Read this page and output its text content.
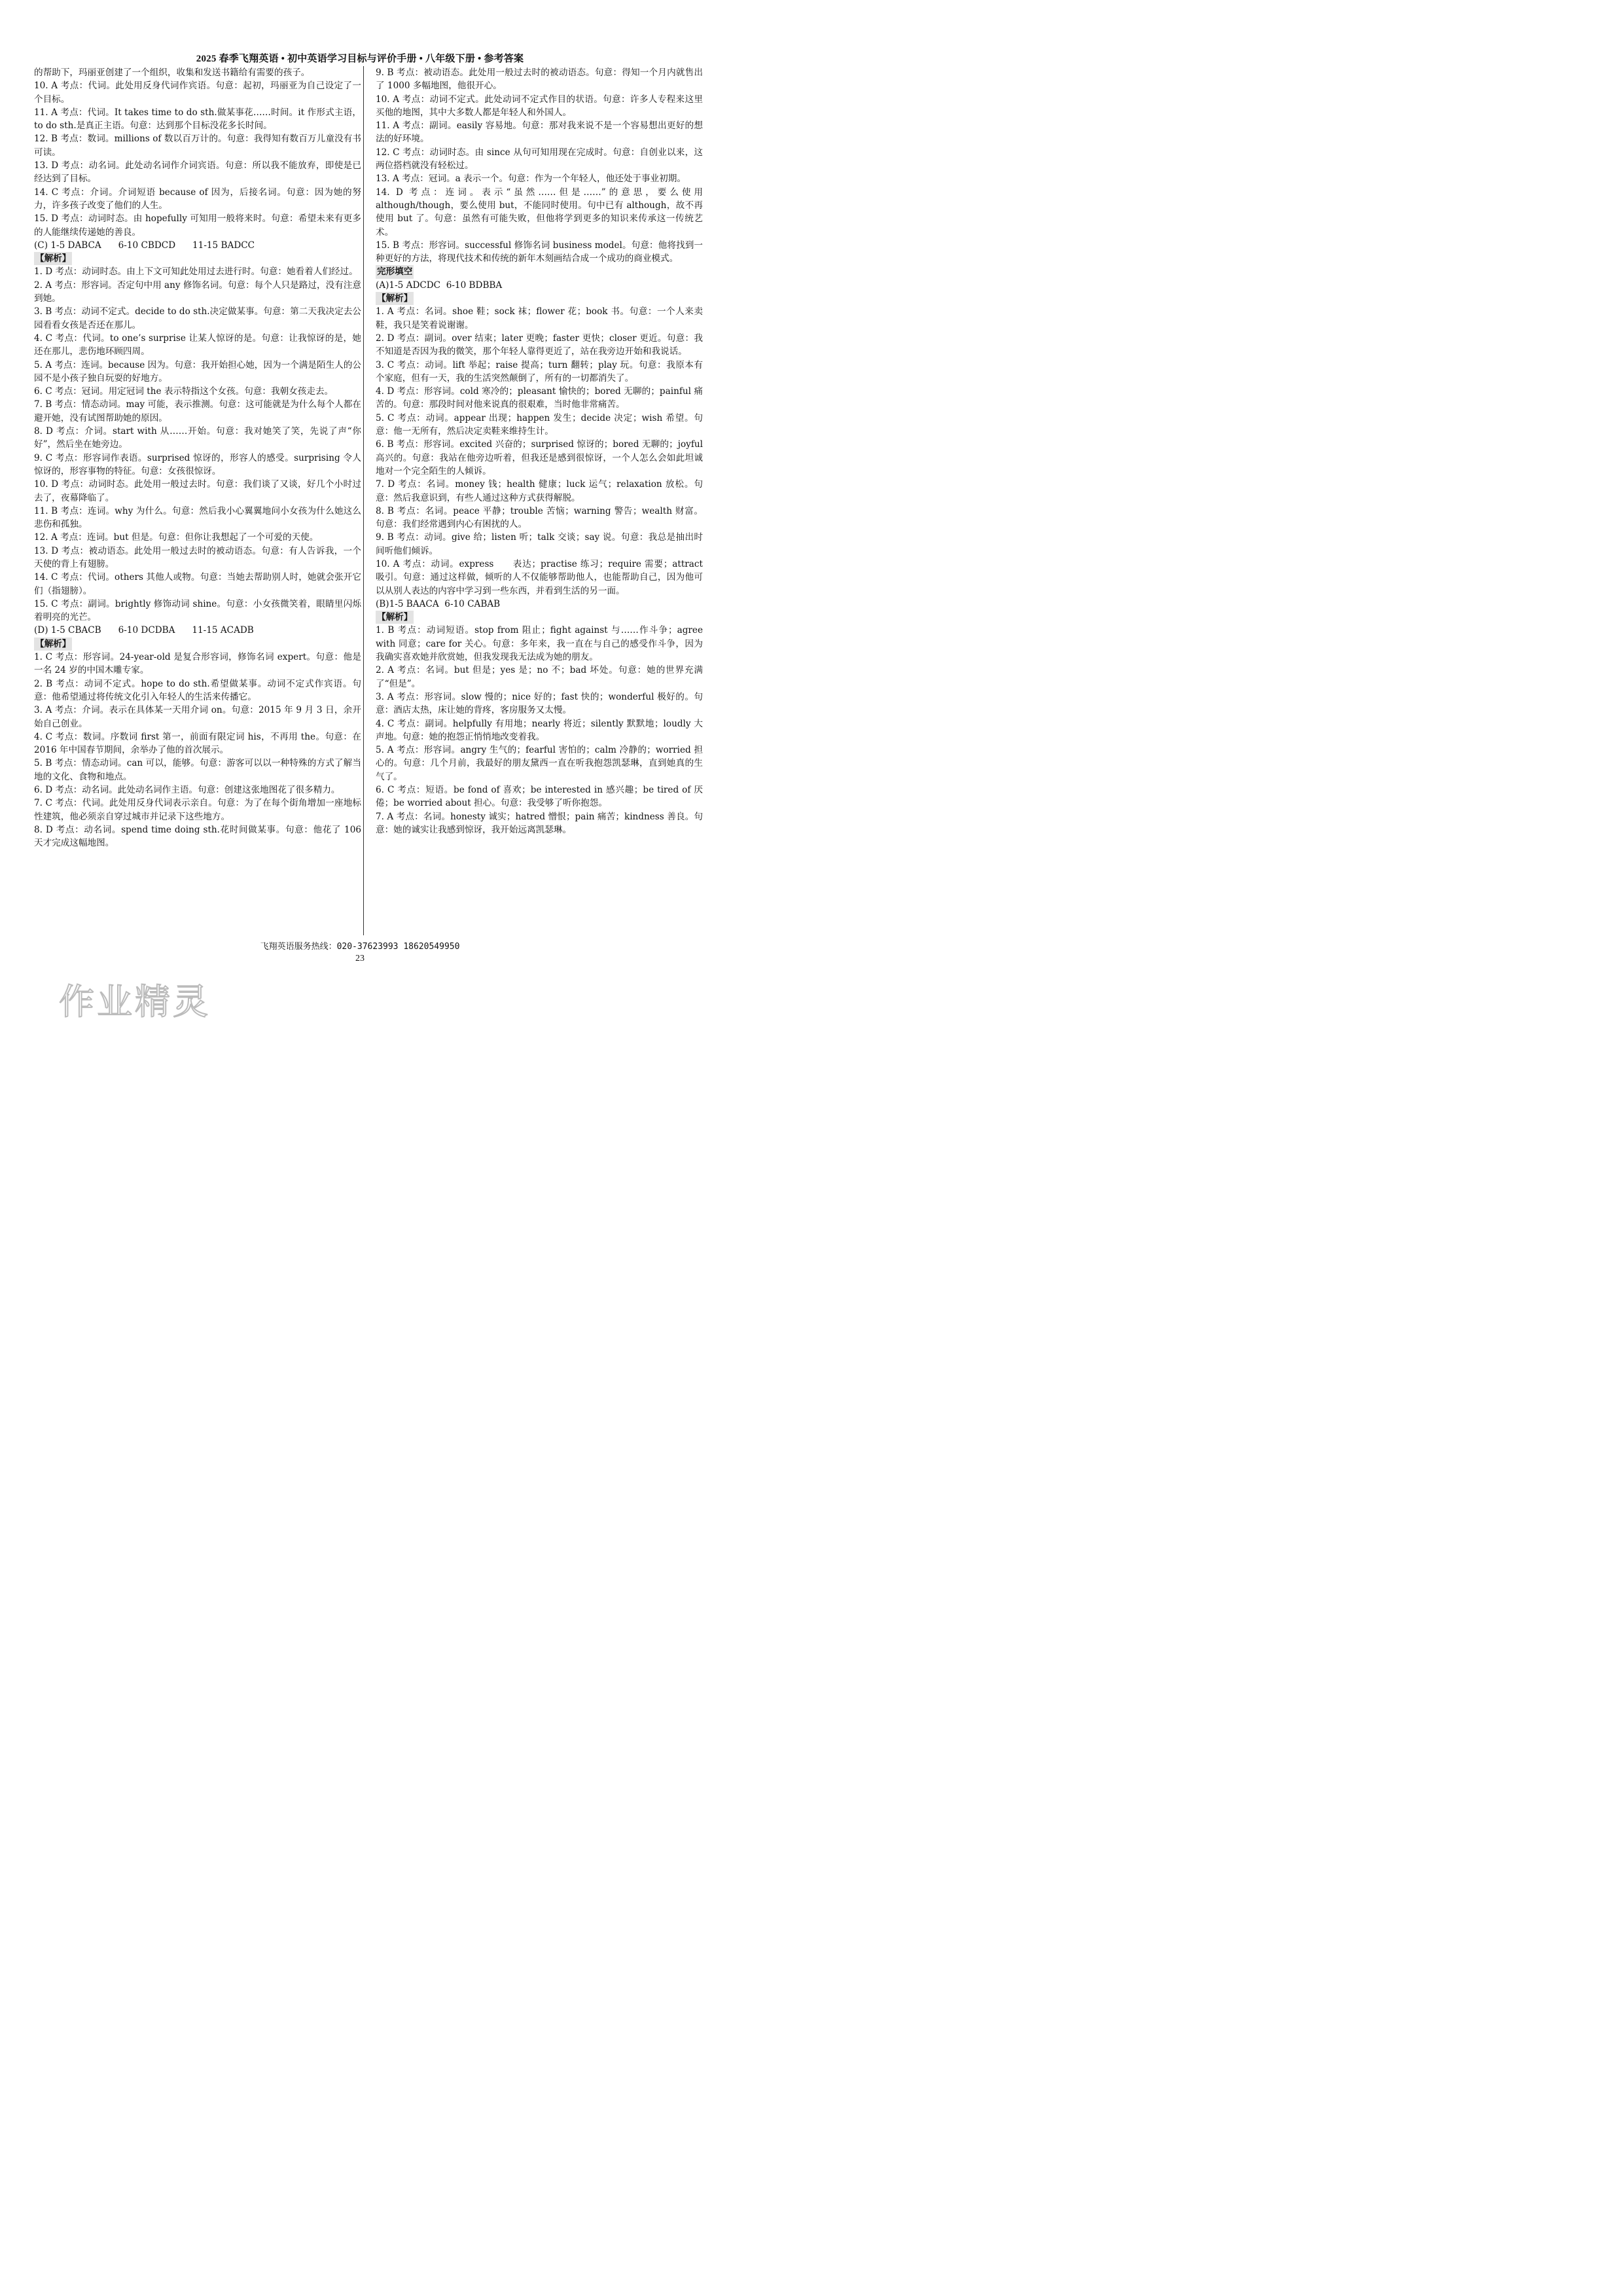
2025 春季飞翔英语 • 初中英语学习目标与评价手册 • 八年级下册 • 参考答案
的帮助下，玛丽亚创建了一个组织，收集和发送书籍给有需要的孩子。
10. A 考点：代词。此处用反身代词作宾语。句意：起初，玛丽亚为自己设定了一个目标。
11. A 考点：代词。It takes time to do sth.做某事花……时间。it 作形式主语，to do sth.是真正主语。句意：达到那个目标没花多长时间。
12. B 考点：数词。millions of 数以百万计的。句意：我得知有数百万儿童没有书可读。
13. D 考点：动名词。此处动名词作介词宾语。句意：所以我不能放弃，即使是已经达到了目标。
14. C 考点：介词。介词短语 because of 因为，后接名词。句意：因为她的努力，许多孩子改变了他们的人生。
15. D 考点：动词时态。由 hopefully 可知用一般将来时。句意：希望未来有更多的人能继续传递她的善良。
(C) 1-5 DABCA      6-10 CBDCD      11-15 BADCC
【解析】
1. D 考点：动词时态。由上下文可知此处用过去进行时。句意：她看着人们经过。
2. A 考点：形容词。否定句中用 any 修饰名词。句意：每个人只是路过，没有注意到她。
3. B 考点：动词不定式。decide to do sth.决定做某事。句意：第二天我决定去公园看看女孩是否还在那儿。
4. C 考点：代词。to one’s surprise 让某人惊讶的是。句意：让我惊讶的是，她还在那儿，悲伤地环顾四周。
5. A 考点：连词。because 因为。句意：我开始担心她，因为一个满是陌生人的公园不是小孩子独自玩耍的好地方。
6. C 考点：冠词。用定冠词 the 表示特指这个女孩。句意：我朝女孩走去。
7. B 考点：情态动词。may 可能，表示推测。句意：这可能就是为什么每个人都在避开她，没有试图帮助她的原因。
8. D 考点：介词。start with 从……开始。句意：我对她笑了笑，先说了声“你好”，然后坐在她旁边。
9. C 考点：形容词作表语。surprised 惊讶的，形容人的感受。surprising 令人惊讶的，形容事物的特征。句意：女孩很惊讶。
10. D 考点：动词时态。此处用一般过去时。句意：我们谈了又谈，好几个小时过去了，夜幕降临了。
11. B 考点：连词。why 为什么。句意：然后我小心翼翼地问小女孩为什么她这么悲伤和孤独。
12. A 考点：连词。but 但是。句意：但你让我想起了一个可爱的天使。
13. D 考点：被动语态。此处用一般过去时的被动语态。句意：有人告诉我，一个天使的背上有翅膀。
14. C 考点：代词。others 其他人或物。句意：当她去帮助别人时，她就会张开它们（指翅膀）。
15. C 考点：副词。brightly 修饰动词 shine。句意：小女孩微笑着，眼睛里闪烁着明亮的光芒。
(D) 1-5 CBACB      6-10 DCDBA      11-15 ACADB
【解析】
1. C 考点：形容词。24-year-old 是复合形容词，修饰名词 expert。句意：他是一名 24 岁的中国木雕专家。
2. B 考点：动词不定式。hope to do sth.希望做某事。动词不定式作宾语。句意：他希望通过将传统文化引入年轻人的生活来传播它。
3. A 考点：介词。表示在具体某一天用介词 on。句意：2015 年 9 月 3 日，余开始自己创业。
4. C 考点：数词。序数词 first 第一，前面有限定词 his，不再用 the。句意：在 2016 年中国春节期间，余举办了他的首次展示。
5. B 考点：情态动词。can 可以，能够。句意：游客可以以一种特殊的方式了解当地的文化、食物和地点。
6. D 考点：动名词。此处动名词作主语。句意：创建这张地图花了很多精力。
7. C 考点：代词。此处用反身代词表示亲自。句意：为了在每个街角增加一座地标性建筑，他必须亲自穿过城市并记录下这些地方。
8. D 考点：动名词。spend time doing sth.花时间做某事。句意：他花了 106 天才完成这幅地图。
9. B 考点：被动语态。此处用一般过去时的被动语态。句意：得知一个月内就售出了 1000 多幅地图，他很开心。
10. A 考点：动词不定式。此处动词不定式作目的状语。句意：许多人专程来这里买他的地图，其中大多数人都是年轻人和外国人。
11. A 考点：副词。easily 容易地。句意：那对我来说不是一个容易想出更好的想法的好环境。
12. C 考点：动词时态。由 since 从句可知用现在完成时。句意：自创业以来，这两位搭档就没有轻松过。
13. A 考点：冠词。a 表示一个。句意：作为一个年轻人，他还处于事业初期。
14. D 考点：连词。表示“虽然……但是……”的意思，要么使用 although/though，要么使用 but，不能同时使用。句中已有 although，故不再使用 but 了。句意：虽然有可能失败，但他将学到更多的知识来传承这一传统艺术。
15. B 考点：形容词。successful 修饰名词 business model。句意：他将找到一种更好的方法，将现代技术和传统的新年木刻画结合成一个成功的商业模式。
完形填空
(A)1-5 ADCDC  6-10 BDBBA
【解析】
1. A 考点：名词。shoe 鞋；sock 袜；flower 花；book 书。句意：一个人来卖鞋，我只是笑着说谢谢。
2. D 考点：副词。over 结束；later 更晚；faster 更快；closer 更近。句意：我不知道是否因为我的微笑，那个年轻人靠得更近了，站在我旁边开始和我说话。
3. C 考点：动词。lift 举起；raise 提高；turn 翻转；play 玩。句意：我原本有个家庭，但有一天，我的生活突然颠倒了，所有的一切都消失了。
4. D 考点：形容词。cold 寒冷的；pleasant 愉快的；bored 无聊的；painful 痛苦的。句意：那段时间对他来说真的很艰难，当时他非常痛苦。
5. C 考点：动词。appear 出现；happen 发生；decide 决定；wish 希望。句意：他一无所有，然后决定卖鞋来维持生计。
6. B 考点：形容词。excited 兴奋的；surprised 惊讶的；bored 无聊的；joyful 高兴的。句意：我站在他旁边听着，但我还是感到很惊讶，一个人怎么会如此坦诚地对一个完全陌生的人倾诉。
7. D 考点：名词。money 钱；health 健康；luck 运气；relaxation 放松。句意：然后我意识到，有些人通过这种方式获得解脱。
8. B 考点：名词。peace 平静；trouble 苦恼；warning 警告；wealth 财富。句意：我们经常遇到内心有困扰的人。
9. B 考点：动词。give 给；listen 听；talk 交谈；say 说。句意：我总是抽出时间听他们倾诉。
10. A 考点：动词。express　　表达；practise 练习；require 需要；attract 吸引。句意：通过这样做，倾听的人不仅能够帮助他人，也能帮助自己，因为他可以从别人表达的内容中学习到一些东西，并看到生活的另一面。
(B)1-5 BAACA  6-10 CABAB
【解析】
1. B 考点：动词短语。stop from 阻止；fight against 与……作斗争；agree with 同意；care for 关心。句意：多年来，我一直在与自己的感受作斗争，因为我确实喜欢她并欣赏她，但我发现我无法成为她的朋友。
2. A 考点：名词。but 但是；yes 是；no 不；bad 坏处。句意：她的世界充满了“但是”。
3. A 考点：形容词。slow 慢的；nice 好的；fast 快的；wonderful 极好的。句意：酒店太热，床让她的背疼，客房服务又太慢。
4. C 考点：副词。helpfully 有用地；nearly 将近；silently 默默地；loudly 大声地。句意：她的抱怨正悄悄地改变着我。
5. A 考点：形容词。angry 生气的；fearful 害怕的；calm 冷静的；worried 担心的。句意：几个月前，我最好的朋友黛西一直在听我抱怨凯瑟琳，直到她真的生气了。
6. C 考点：短语。be fond of 喜欢；be interested in 感兴趣；be tired of 厌倦；be worried about 担心。句意：我受够了听你抱怨。
7. A 考点：名词。honesty 诚实；hatred 憎恨；pain 痛苦；kindness 善良。句意：她的诚实让我感到惊讶，我开始远离凯瑟琳。
飞翔英语服务热线：020-37623993 18620549950
23
作业精灵
